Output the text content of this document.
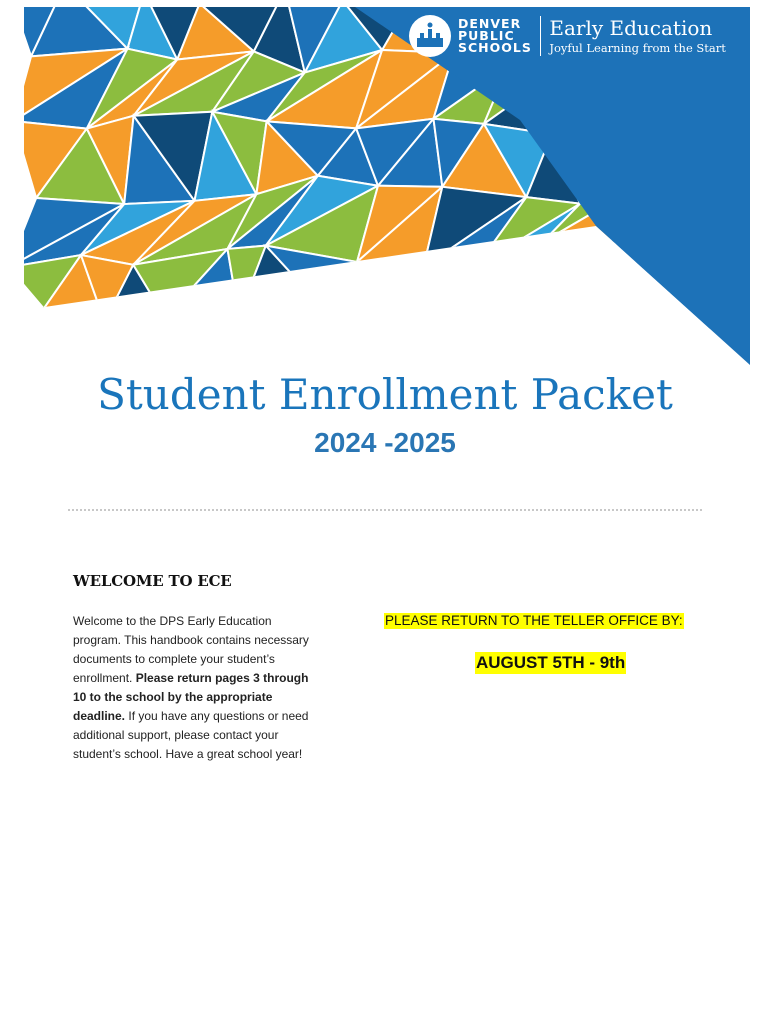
DENVER
PUBLIC
SCHOOLS
Early Education
Joyful Learning from the Start
Student Enrollment Packet
2024 -2025
WELCOME TO ECE

Welcome to the DPS Early Education program. This handbook contains necessary documents to complete your student’s enrollment. Please return pages 3 through 10 to the school by the appropriate deadline. If you have any questions or need additional support, please contact your student’s school. Have a great school year!

PLEASE RETURN TO THE TELLER OFFICE BY:

AUGUST 5TH - 9th
